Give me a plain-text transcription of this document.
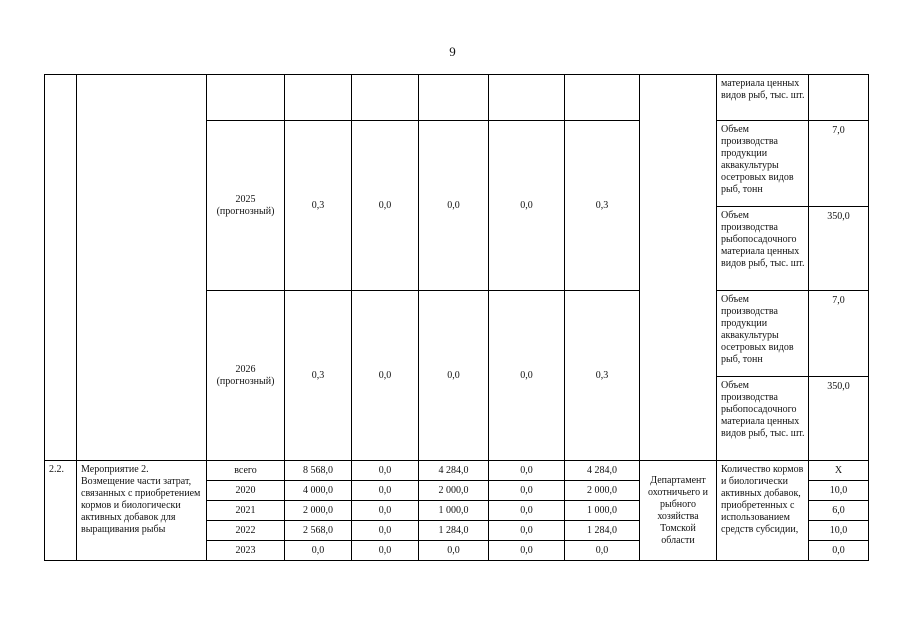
9
									материала ценных видов рыб, тыс. шт.	
		2025 (прогнозный)	0,3	0,0	0,0	0,0	0,3		Объем производства продукции аквакультуры осетровых видов рыб, тонн	7,0
									Объем производства рыбопосадочного материала ценных видов рыб, тыс. шт.	350,0
		2026 (прогнозный)	0,3	0,0	0,0	0,0	0,3		Объем производства продукции аквакультуры осетровых видов рыб, тонн	7,0
									Объем производства рыбопосадочного материала ценных видов рыб, тыс. шт.	350,0
2.2.	Мероприятие 2. Возмещение части затрат, связанных с приобретением кормов и биологически активных добавок для выращивания рыбы	всего	8 568,0	0,0	4 284,0	0,0	4 284,0	Департамент охотничьего и рыбного хозяйства Томской области	Количество кормов и биологически активных добавок, приобретенных с использованием средств субсидии,	X
		2020	4 000,0	0,0	2 000,0	0,0	2 000,0			10,0
		2021	2 000,0	0,0	1 000,0	0,0	1 000,0			6,0
		2022	2 568,0	0,0	1 284,0	0,0	1 284,0			10,0
		2023	0,0	0,0	0,0	0,0	0,0			0,0
